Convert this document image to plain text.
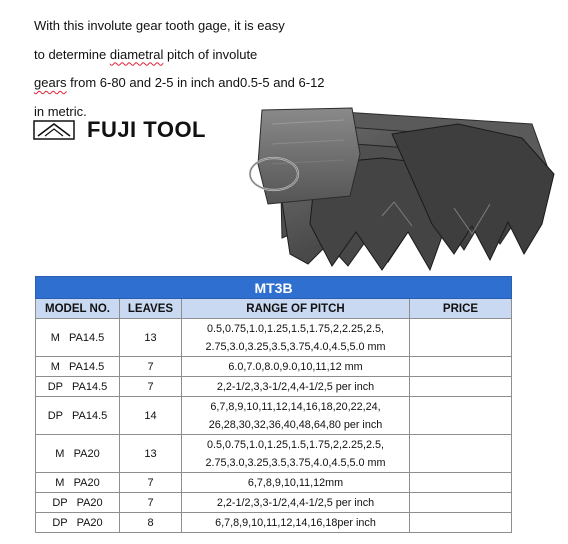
With this involute gear tooth gage, it is easy

to determine diametral pitch of involute

gears from 6-80 and 2-5 in inch and0.5-5 and 6-12

in metric.

FUJI TOOL
MT3B			
MODEL NO.	LEAVES	RANGE OF PITCH	PRICE
M   PA14.5	13	0.5,0.75,1.0,1.25,1.5,1.75,2,2.25,2.5,
2.75,3.0,3.25,3.5,3.75,4.0,4.5,5.0 mm	

M   PA14.5	7	6.0,7.0,8.0,9.0,10,11,12 mm	

DP   PA14.5	7	2,2-1/2,3,3-1/2,4,4-1/2,5 per inch	

DP   PA14.5	14	6,7,8,9,10,11,12,14,16,18,20,22,24,
26,28,30,32,36,40,48,64,80 per inch	

M   PA20	13	0.5,0.75,1.0,1.25,1.5,1.75,2,2.25,2.5,
2.75,3.0,3.25,3.5,3.75,4.0,4.5,5.0 mm	

M   PA20	7	6,7,8,9,10,11,12mm	

DP   PA20	7	2,2-1/2,3,3-1/2,4,4-1/2,5 per inch	

DP   PA20	8	6,7,8,9,10,11,12,14,16,18per inch	
